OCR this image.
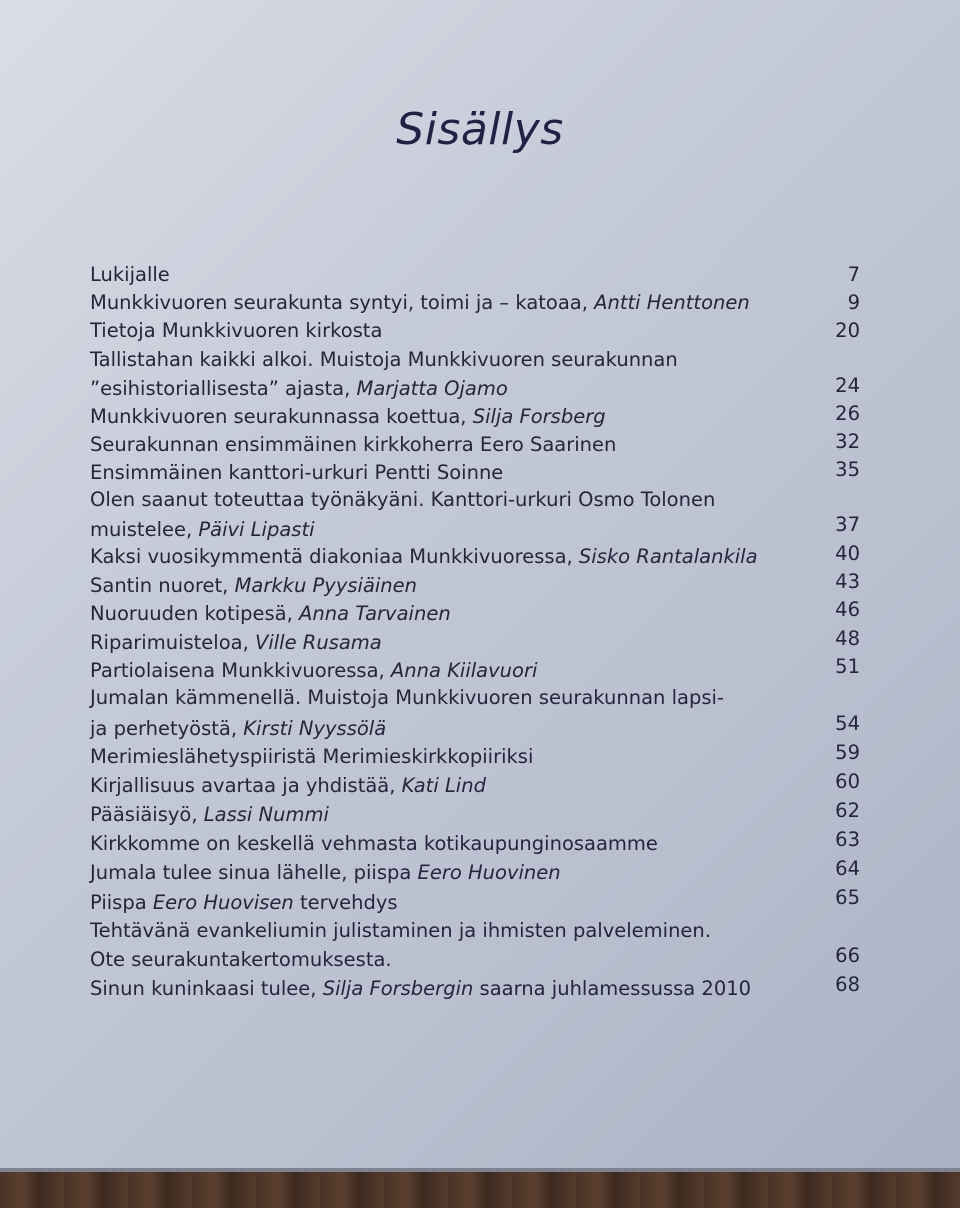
Sisällys
Lukijalle	7
Munkkivuoren seurakunta syntyi, toimi ja – katoaa, Antti Henttonen	9
Tietoja Munkkivuoren kirkosta	20
Tallistahan kaikki alkoi. Muistoja Munkkivuoren seurakunnan
”esihistoriallisesta” ajasta, Marjatta Ojamo	24
Munkkivuoren seurakunnassa koettua, Silja Forsberg	26
Seurakunnan ensimmäinen kirkkoherra Eero Saarinen	32
Ensimmäinen kanttori-urkuri Pentti Soinne	35
Olen saanut toteuttaa työnäkyäni. Kanttori-urkuri Osmo Tolonen
muistelee, Päivi Lipasti	37
Kaksi vuosikymmentä diakoniaa Munkkivuoressa, Sisko Rantalankila	40
Santin nuoret, Markku Pyysiäinen	43
Nuoruuden kotipesä, Anna Tarvainen	46
Riparimuisteloa, Ville Rusama	48
Partiolaisena Munkkivuoressa, Anna Kiilavuori	51
Jumalan kämmenellä. Muistoja Munkkivuoren seurakunnan lapsi-
ja perhetyöstä, Kirsti Nyyssölä	54
Merimieslähetyspiiristä Merimieskirkkopiiriksi	59
Kirjallisuus avartaa ja yhdistää, Kati Lind	60
Pääsiäisyö, Lassi Nummi	62
Kirkkomme on keskellä vehmasta kotikaupunginosaamme	63
Jumala tulee sinua lähelle, piispa Eero Huovinen	64
Piispa Eero Huovisen tervehdys	65
Tehtävänä evankeliumin julistaminen ja ihmisten palveleminen.
Ote seurakuntakertomuksesta.	66
Sinun kuninkaasi tulee, Silja Forsbergin saarna juhlamessussa 2010	68
